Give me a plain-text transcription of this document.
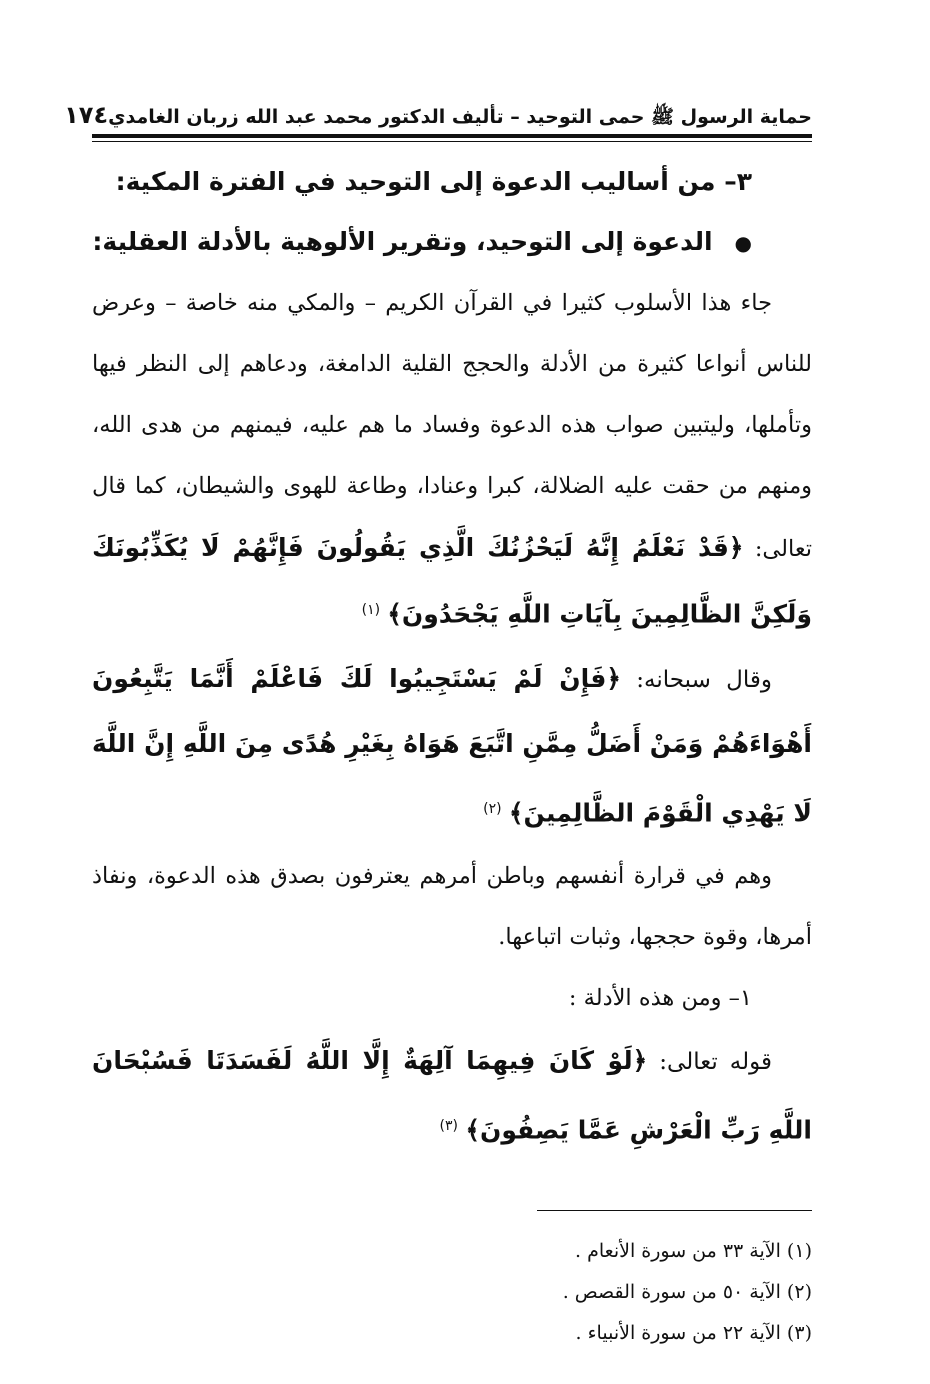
حماية الرسول ﷺ حمى التوحيد – تأليف الدكتور محمد عبد الله زربان الغامدي
١٧٤
٣– من أساليب الدعوة إلى التوحيد في الفترة المكية:
●الدعوة إلى التوحيد، وتقرير الألوهية بالأدلة العقلية:

جاء هذا الأسلوب كثيرا في القرآن الكريم – والمكي منه خاصة – وعرض للناس أنواعا كثيرة من الأدلة والحجج القلية الدامغة، ودعاهم إلى النظر فيها وتأملها، وليتبين صواب هذه الدعوة وفساد ما هم عليه، فيمنهم من هدى الله، ومنهم من حقت عليه الضلالة، كبرا وعنادا، وطاعة للهوى والشيطان، كما قال تعالى: ﴿قَدْ نَعْلَمُ إِنَّهُ لَيَحْزُنُكَ الَّذِي يَقُولُونَ فَإِنَّهُمْ لَا يُكَذِّبُونَكَ وَلَكِنَّ الظَّالِمِينَ بِآيَاتِ اللَّهِ يَجْحَدُونَ﴾ $^{(١)}$

وقال سبحانه: ﴿فَإِنْ لَمْ يَسْتَجِيبُوا لَكَ فَاعْلَمْ أَنَّمَا يَتَّبِعُونَ أَهْوَاءَهُمْ وَمَنْ أَضَلُّ مِمَّنِ اتَّبَعَ هَوَاهُ بِغَيْرِ هُدًى مِنَ اللَّهِ إِنَّ اللَّهَ لَا يَهْدِي الْقَوْمَ الظَّالِمِينَ﴾ $^{(٢)}$

وهم في قرارة أنفسهم وباطن أمرهم يعترفون بصدق هذه الدعوة، ونفاذ أمرها، وقوة حججها، وثبات اتباعها.

١– ومن هذه الأدلة :

قوله تعالى: ﴿لَوْ كَانَ فِيهِمَا آلِهَةٌ إِلَّا اللَّهُ لَفَسَدَتَا فَسُبْحَانَ اللَّهِ رَبِّ الْعَرْشِ عَمَّا يَصِفُونَ﴾ $^{(٣)}$

(١) الآية ٣٣ من سورة الأنعام .
(٢) الآية ٥٠ من سورة القصص .
(٣) الآية ٢٢ من سورة الأنبياء .
